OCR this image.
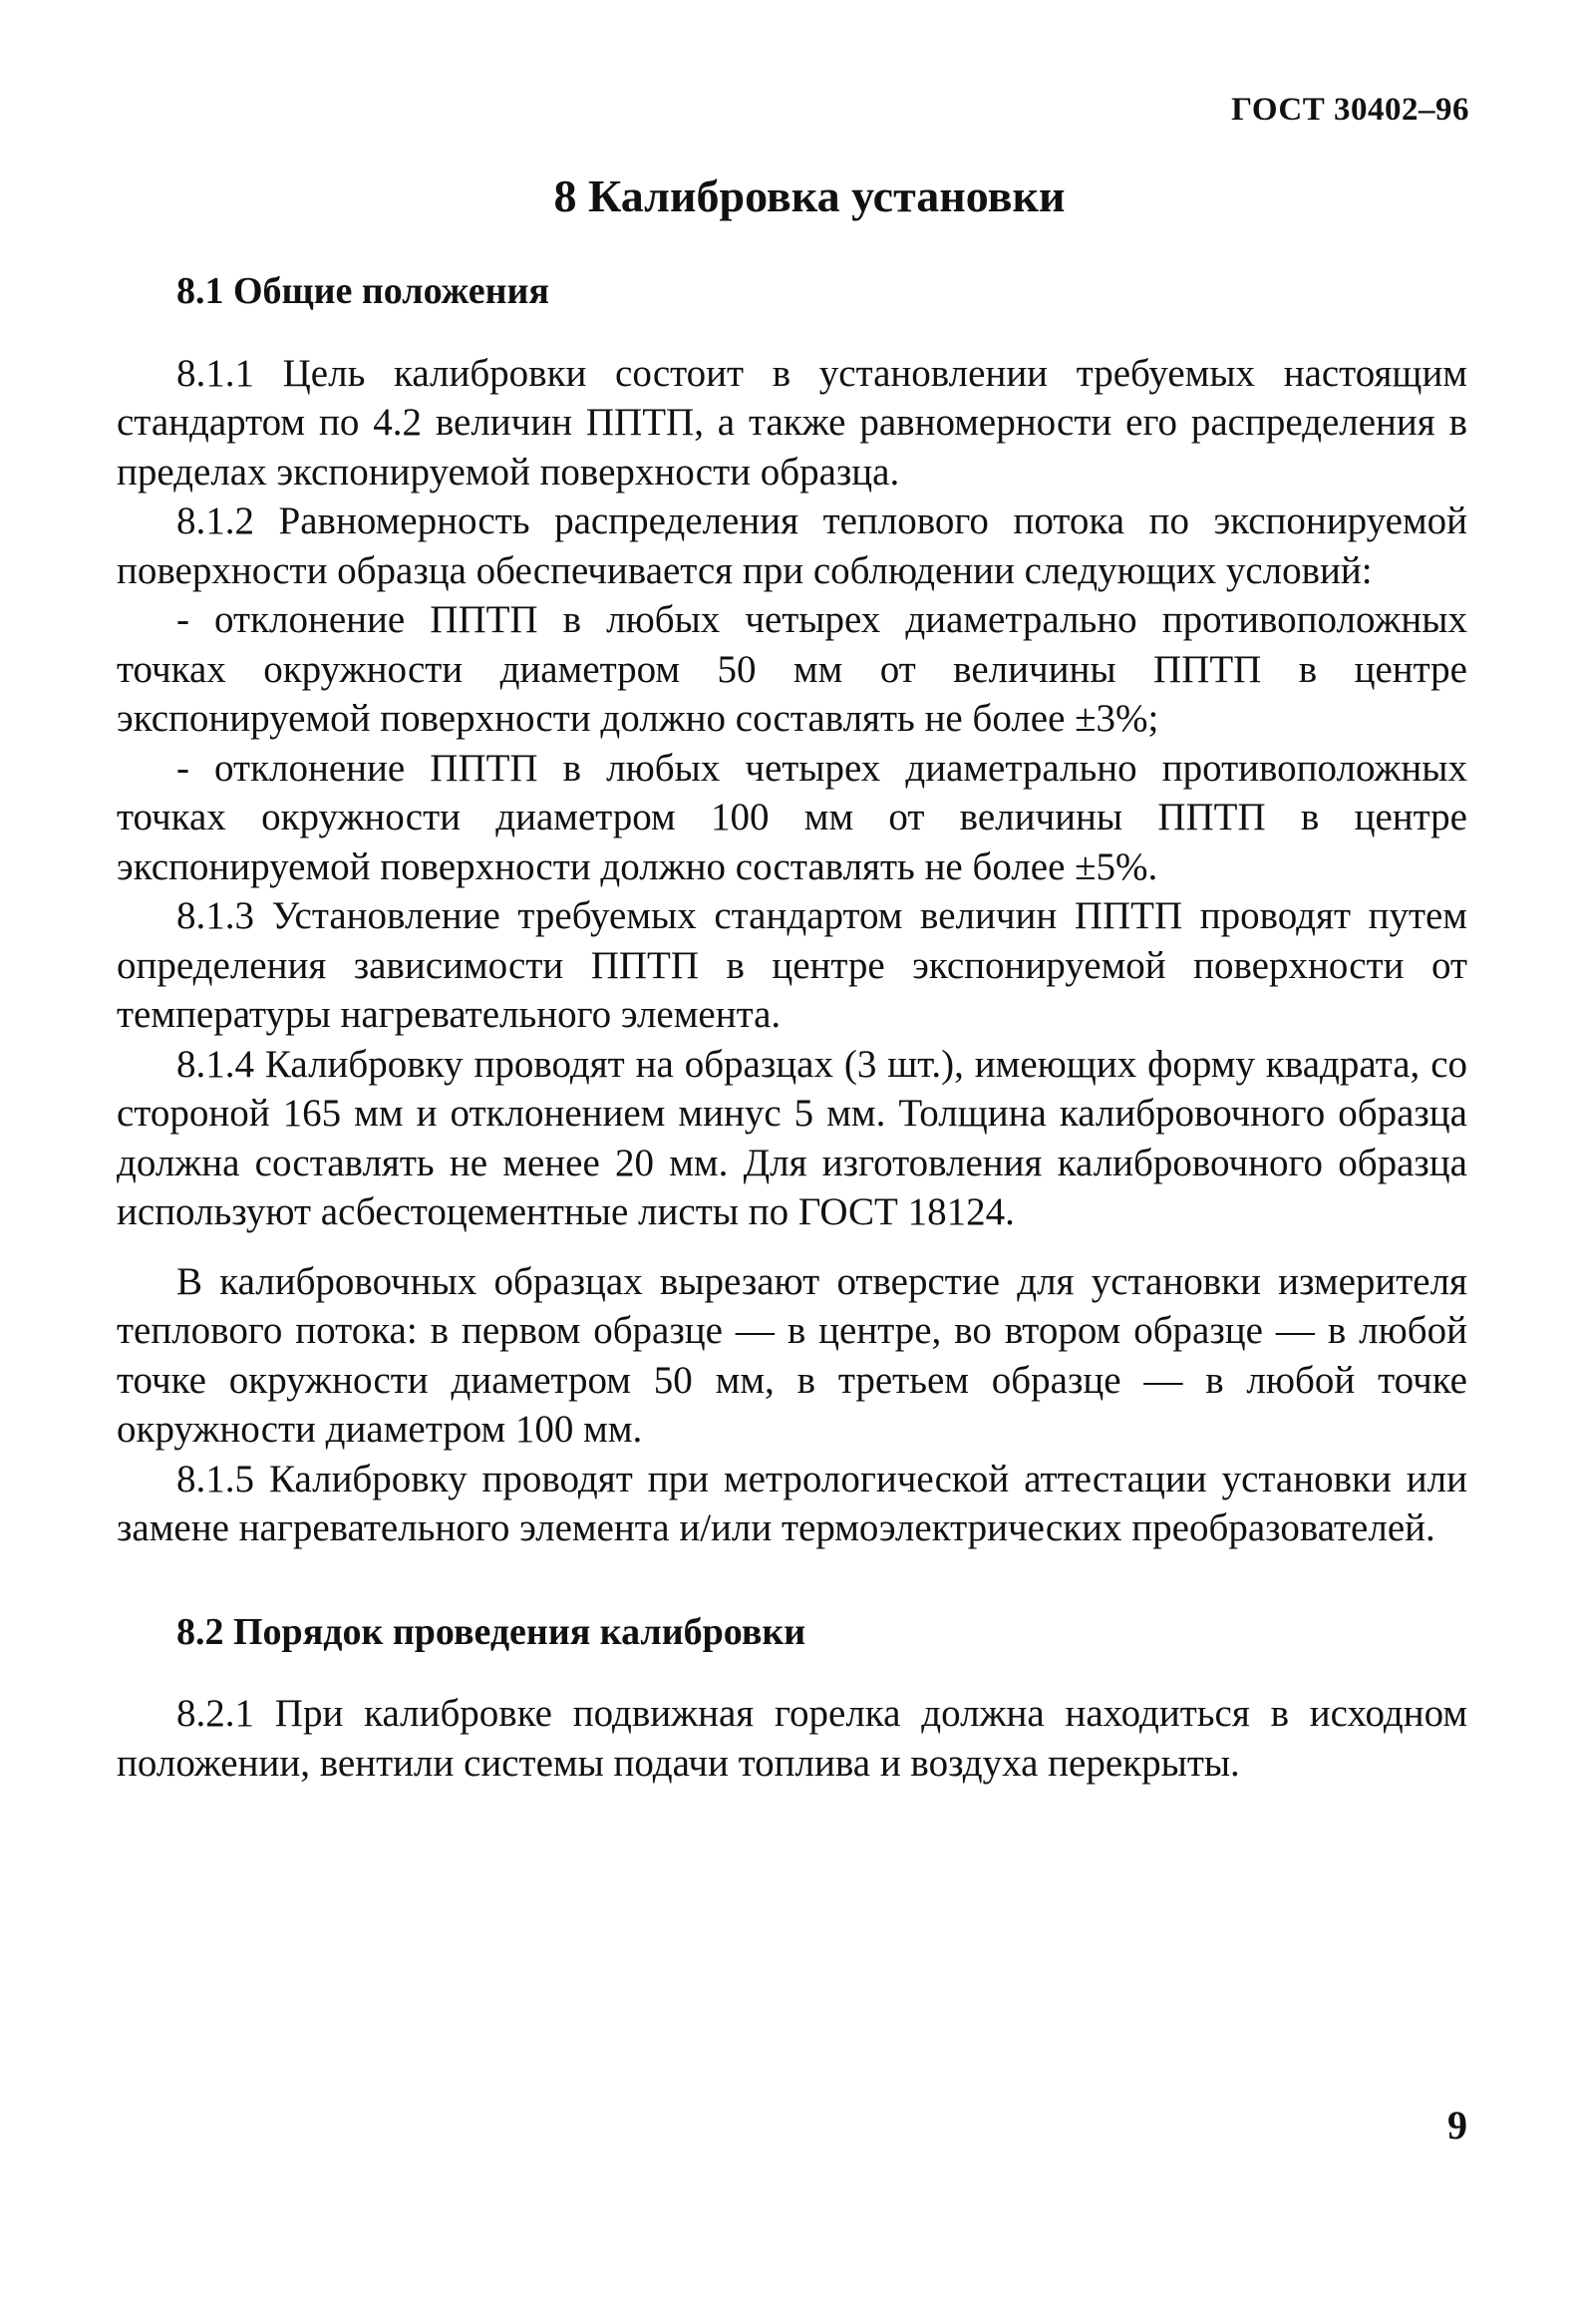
ГОСТ 30402–96
8 Калибровка установки

8.1 Общие положения

8.1.1 Цель калибровки состоит в установлении требуемых настоящим стандартом по 4.2 величин ППТП, а также равномерности его распределения в пределах экспонируемой поверхности образца.

8.1.2 Равномерность распределения теплового потока по экспонируемой поверхности образца обеспечивается при соблюдении следующих условий:

- отклонение ППТП в любых четырех диаметрально противоположных точках окружности диаметром 50 мм от величины ППТП в центре экспонируемой поверхности должно составлять не более ±3%;

- отклонение ППТП в любых четырех диаметрально противоположных точках окружности диаметром 100 мм от величины ППТП в центре экспонируемой поверхности должно составлять не более ±5%.

8.1.3 Установление требуемых стандартом величин ППТП проводят путем определения зависимости ППТП в центре экспонируемой поверхности от температуры нагревательного элемента.

8.1.4 Калибровку проводят на образцах (3 шт.), имеющих форму квадрата, со стороной 165 мм и отклонением минус 5 мм. Толщина калибровочного образца должна составлять не менее 20 мм. Для изготовления калибровочного образца используют асбестоцементные листы по ГОСТ 18124.

В калибровочных образцах вырезают отверстие для установки измерителя теплового потока: в первом образце — в центре, во втором образце — в любой точке окружности диаметром 50 мм, в третьем образце — в любой точке окружности диаметром 100 мм.

8.1.5 Калибровку проводят при метрологической аттестации установки или замене нагревательного элемента и/или термоэлектрических преобразователей.

8.2 Порядок проведения калибровки

8.2.1 При калибровке подвижная горелка должна находиться в исходном положении, вентили системы подачи топлива и воздуха перекрыты.

9
